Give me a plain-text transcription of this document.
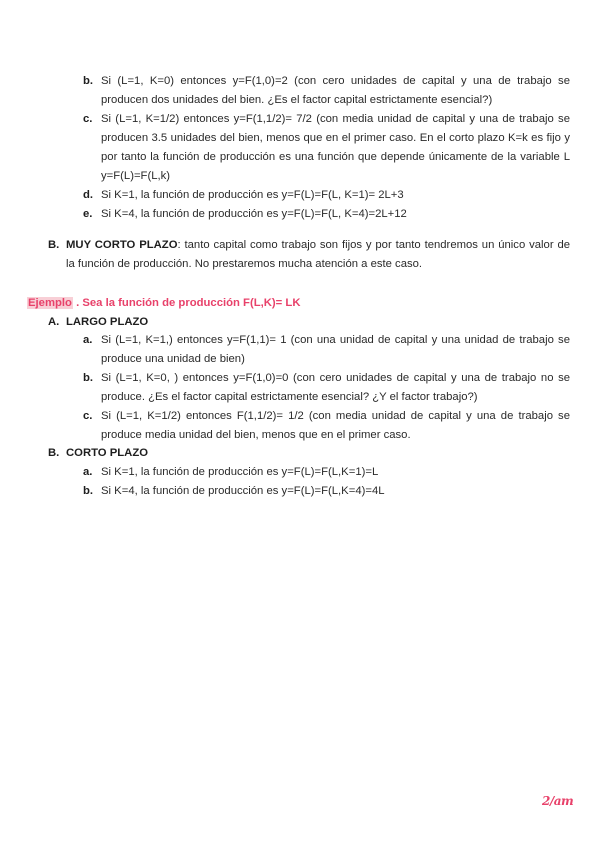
b. Si (L=1, K=0) entonces y=F(1,0)=2 (con cero unidades de capital y una de trabajo se producen dos unidades del bien. ¿Es el factor capital estrictamente esencial?)
c. Si (L=1, K=1/2) entonces y=F(1,1/2)= 7/2 (con media unidad de capital y una de trabajo se producen 3.5 unidades del bien, menos que en el primer caso. En el corto plazo K=k es fijo y por tanto la función de producción es una función que depende únicamente de la variable L y=F(L)=F(L,k)
d. Si K=1, la función de producción es y=F(L)=F(L, K=1)= 2L+3
e. Si K=4, la función de producción es y=F(L)=F(L, K=4)=2L+12
B. MUY CORTO PLAZO: tanto capital como trabajo son fijos y por tanto tendremos un único valor de la función de producción. No prestaremos mucha atención a este caso.
Ejemplo . Sea la función de producción F(L,K)= LK
A. LARGO PLAZO
a. Si (L=1, K=1,) entonces y=F(1,1)= 1 (con una unidad de capital y una unidad de trabajo se produce una unidad de bien)
b. Si (L=1, K=0, ) entonces y=F(1,0)=0 (con cero unidades de capital y una de trabajo no se produce. ¿Es el factor capital estrictamente esencial? ¿Y el factor trabajo?)
c. Si (L=1, K=1/2) entonces F(1,1/2)= 1/2 (con media unidad de capital y una de trabajo se produce media unidad del bien, menos que en el primer caso.
B. CORTO PLAZO
a. Si K=1, la función de producción es y=F(L)=F(L,K=1)=L
b. Si K=4, la función de producción es y=F(L)=F(L,K=4)=4L
2/am
